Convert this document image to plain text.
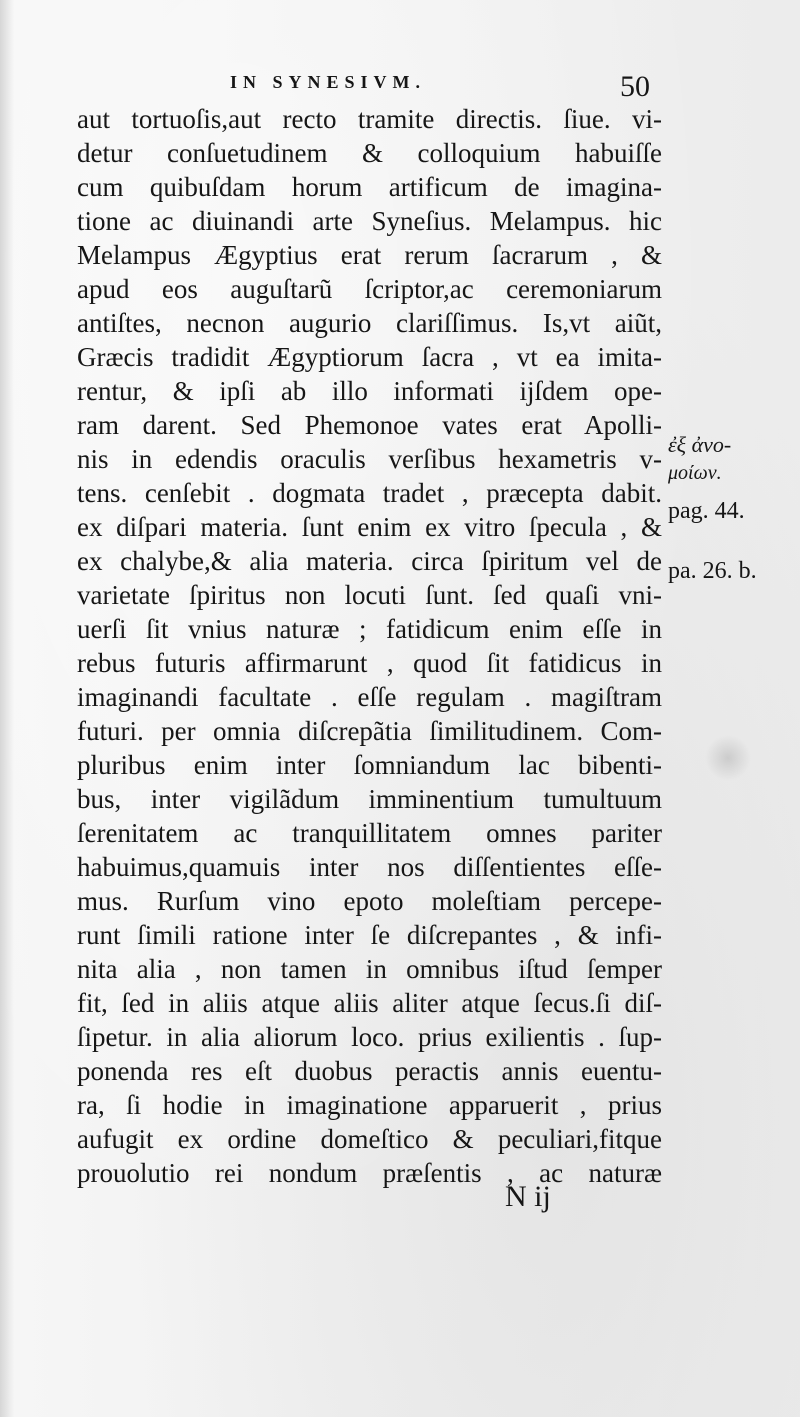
IN SYNESIVM.	50
aut tortuoſis,aut recto tramite directis. ſiue. vi-
detur conſuetudinem & colloquium habuiſſe
cum quibuſdam horum artificum de imagina-
tione ac diuinandi arte Syneſius. Melampus. hic
Melampus Ægyptius erat rerum ſacrarum , &
apud eos auguſtarũ ſcriptor,ac ceremoniarum
antiſtes, necnon augurio clariſſimus. Is,vt aiũt,
Græcis tradidit Ægyptiorum ſacra , vt ea imita-
rentur, & ipſi ab illo informati ijſdem ope-
ram darent. Sed Phemonoe vates erat Apolli-
nis in edendis oraculis verſibus hexametris v-
tens. cenſebit . dogmata tradet , præcepta dabit.
ex diſpari materia. ſunt enim ex vitro ſpecula , &
ex chalybe,& alia materia. circa ſpiritum vel de
varietate ſpiritus non locuti ſunt. ſed quaſi vni-
uerſi ſit vnius naturæ ; fatidicum enim eſſe in
rebus futuris affirmarunt , quod ſit fatidicus in
imaginandi facultate . eſſe regulam . magiſtram
futuri. per omnia diſcrepãtia ſimilitudinem. Com-
pluribus enim inter ſomniandum lac bibenti-
bus, inter vigilãdum imminentium tumultuum
ſerenitatem ac tranquillitatem omnes pariter
habuimus,quamuis inter nos diſſentientes eſſe-
mus. Rurſum vino epoto moleſtiam percepe-
runt ſimili ratione inter ſe diſcrepantes , & infi-
nita alia , non tamen in omnibus iſtud ſemper
fit, ſed in aliis atque aliis aliter atque ſecus.ſi diſ-
ſipetur. in alia aliorum loco. prius exilientis . ſup-
ponenda res eſt duobus peractis annis euentu-
ra, ſi hodie in imaginatione apparuerit , prius
aufugit ex ordine domeſtico & peculiari,fitque
prouolutio rei nondum præſentis , ac naturæ
ἐξ ἀνο-
μοίων.
pag. 44.
pa. 26. b.
N ij
